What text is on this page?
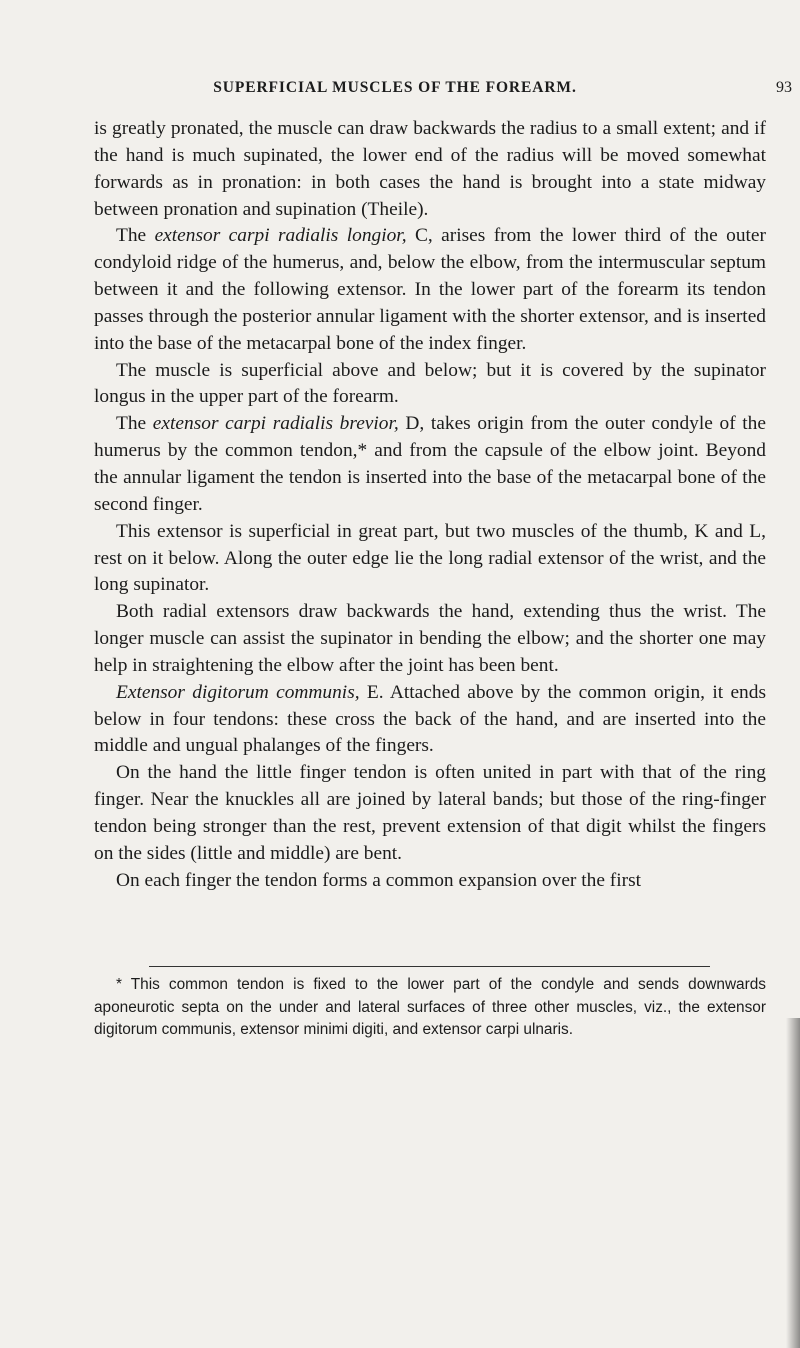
SUPERFICIAL MUSCLES OF THE FOREARM.	93

is greatly pronated, the muscle can draw backwards the radius to a small extent; and if the hand is much supinated, the lower end of the radius will be moved somewhat forwards as in pronation: in both cases the hand is brought into a state midway between pronation and supination (Theile).

The extensor carpi radialis longior, C, arises from the lower third of the outer condyloid ridge of the humerus, and, below the elbow, from the intermuscular septum between it and the following extensor. In the lower part of the forearm its tendon passes through the posterior annular ligament with the shorter extensor, and is inserted into the base of the metacarpal bone of the index finger.

The muscle is superficial above and below; but it is covered by the supinator longus in the upper part of the forearm.

The extensor carpi radialis brevior, D, takes origin from the outer condyle of the humerus by the common tendon,* and from the capsule of the elbow joint. Beyond the annular ligament the tendon is inserted into the base of the metacarpal bone of the second finger.

This extensor is superficial in great part, but two muscles of the thumb, K and L, rest on it below. Along the outer edge lie the long radial extensor of the wrist, and the long supinator.

Both radial extensors draw backwards the hand, extending thus the wrist. The longer muscle can assist the supinator in bending the elbow; and the shorter one may help in straightening the elbow after the joint has been bent.

Extensor digitorum communis, E. Attached above by the common origin, it ends below in four tendons: these cross the back of the hand, and are inserted into the middle and ungual phalanges of the fingers.

On the hand the little finger tendon is often united in part with that of the ring finger. Near the knuckles all are joined by lateral bands; but those of the ring-finger tendon being stronger than the rest, prevent extension of that digit whilst the fingers on the sides (little and middle) are bent.

On each finger the tendon forms a common expansion over the first

* This common tendon is fixed to the lower part of the condyle and sends downwards aponeurotic septa on the under and lateral surfaces of three other muscles, viz., the extensor digitorum communis, extensor minimi digiti, and extensor carpi ulnaris.
